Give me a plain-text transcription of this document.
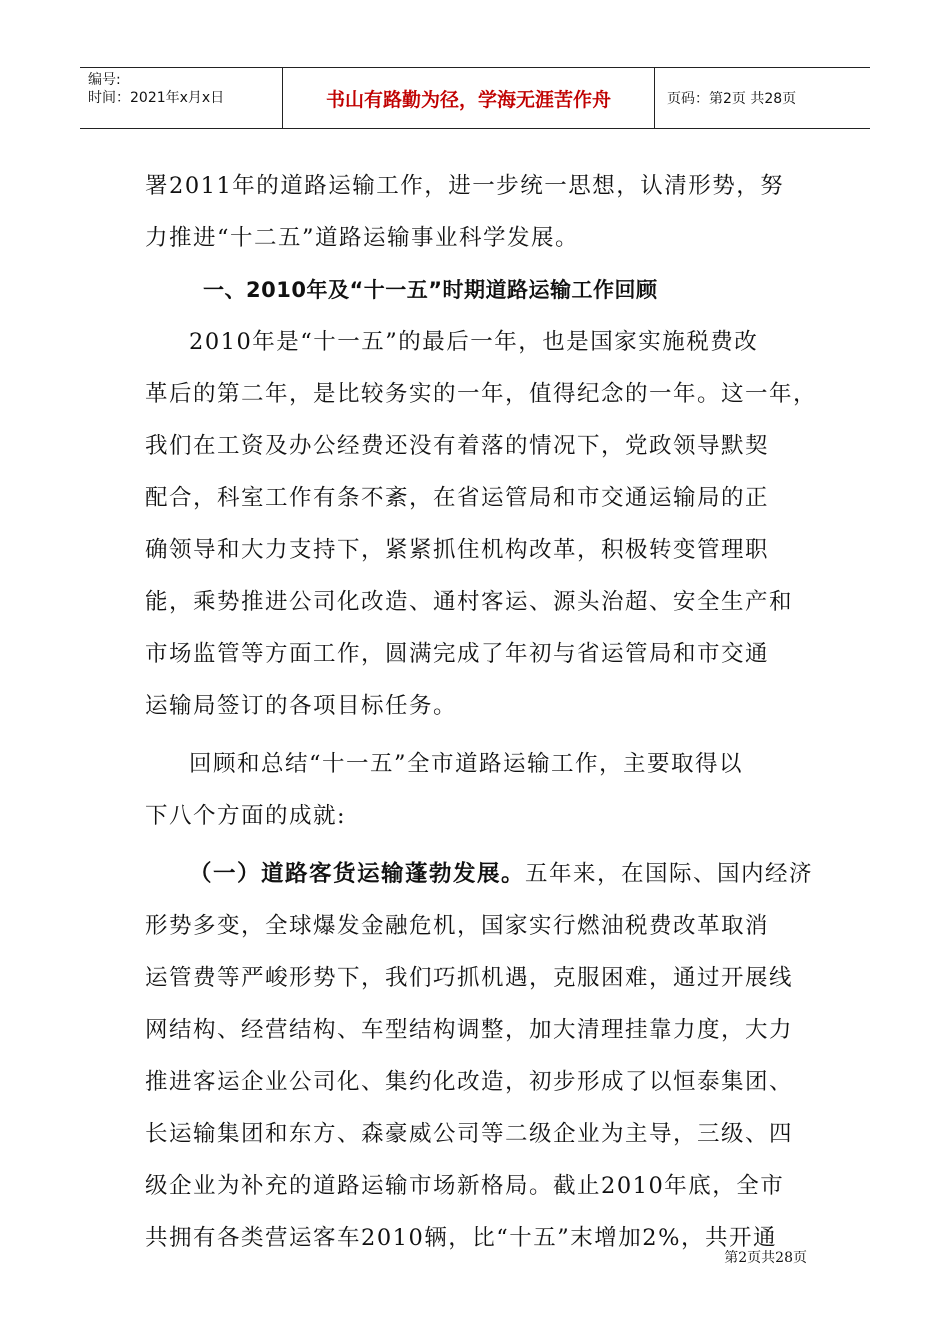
编号:
时间：2021年x月x日	书山有路勤为径，学海无涯苦作舟	页码：第2页 共28页
署2011年的道路运输工作，进一步统一思想，认清形势，努
力推进“十二五”道路运输事业科学发展。
一、2010年及“十一五”时期道路运输工作回顾
2010年是“十一五”的最后一年，也是国家实施税费改
革后的第二年，是比较务实的一年，值得纪念的一年。这一年，
我们在工资及办公经费还没有着落的情况下，党政领导默契
配合，科室工作有条不紊，在省运管局和市交通运输局的正
确领导和大力支持下，紧紧抓住机构改革，积极转变管理职
能，乘势推进公司化改造、通村客运、源头治超、安全生产和
市场监管等方面工作，圆满完成了年初与省运管局和市交通
运输局签订的各项目标任务。
回顾和总结“十一五”全市道路运输工作，主要取得以
下八个方面的成就:
（一）道路客货运输蓬勃发展。五年来，在国际、国内经济
形势多变，全球爆发金融危机，国家实行燃油税费改革取消
运管费等严峻形势下，我们巧抓机遇，克服困难，通过开展线
网结构、经营结构、车型结构调整，加大清理挂靠力度，大力
推进客运企业公司化、集约化改造，初步形成了以恒泰集团、
长运输集团和东方、森豪威公司等二级企业为主导，三级、四
级企业为补充的道路运输市场新格局。截止2010年底，全市
共拥有各类营运客车2010辆，比“十五”末增加2%，共开通
第2页共28页
